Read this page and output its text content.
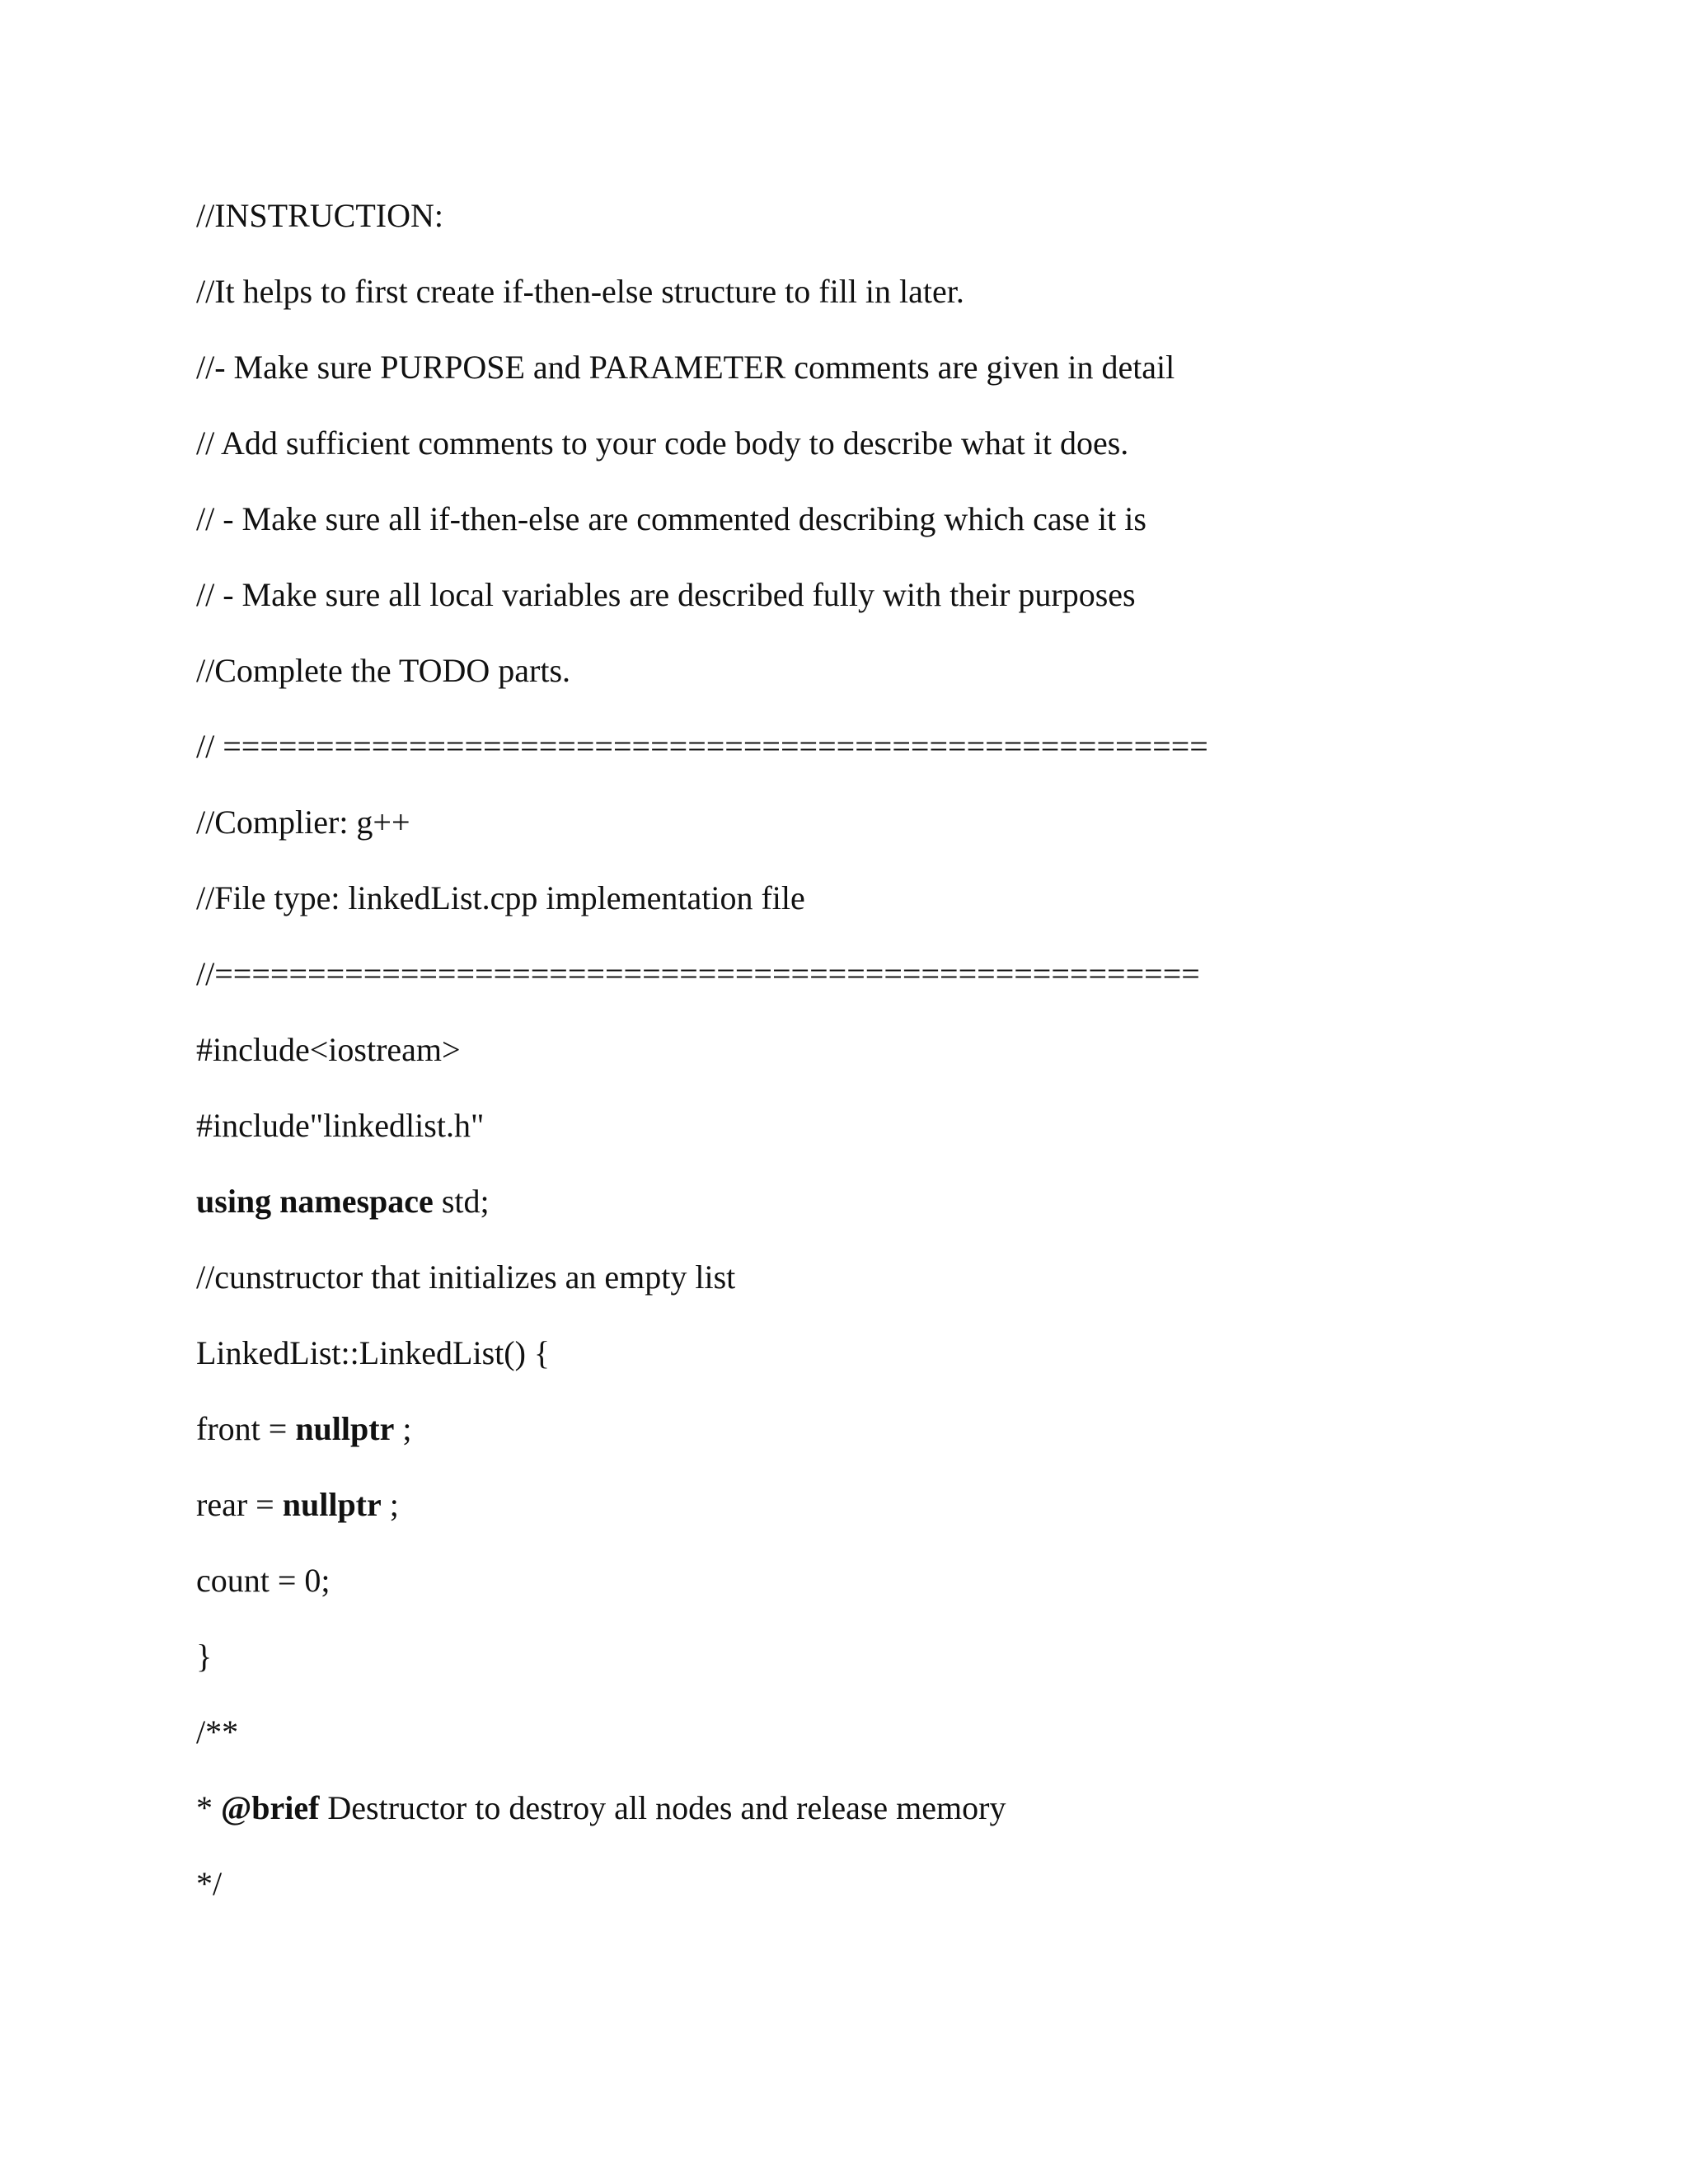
//INSTRUCTION:
//It helps to first create if-then-else structure to fill in later.
//- Make sure PURPOSE and PARAMETER comments are given in detail
// Add sufficient comments to your code body to describe what it does.
// - Make sure all if-then-else are commented describing which case it is
// - Make sure all local variables are described fully with their purposes
//Complete the TODO parts.
// =====================================================
//Complier: g++
//File type: linkedList.cpp implementation file
//=====================================================
#include<iostream>
#include"linkedlist.h"
using namespace std;
//cunstructor that initializes an empty list
LinkedList::LinkedList() {
front = nullptr ;
rear = nullptr ;
count = 0;
}
/**
* @brief Destructor to destroy all nodes and release memory
*/
